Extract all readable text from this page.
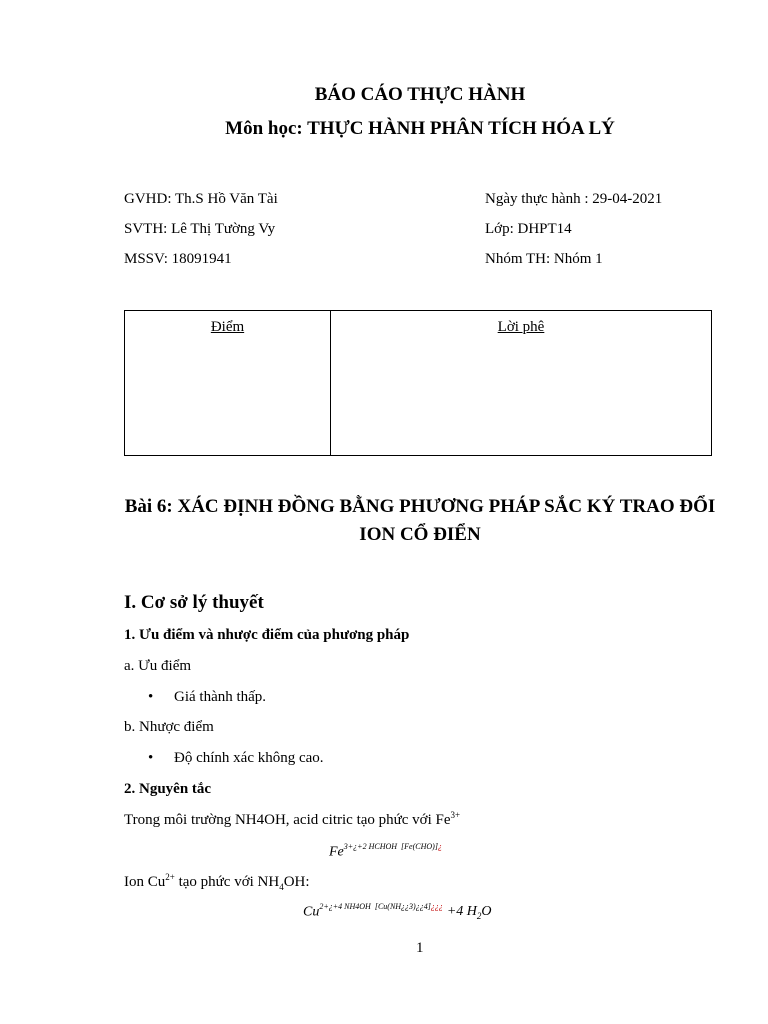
BÁO CÁO THỰC HÀNH
Môn học: THỰC HÀNH PHÂN TÍCH HÓA LÝ
GVHD: Th.S Hồ Văn Tài
SVTH: Lê Thị Tường Vy
MSSV: 18091941
Ngày thực hành : 29-04-2021
Lớp: DHPT14
Nhóm TH: Nhóm 1
Điểm	Lời phê
Bài 6: XÁC ĐỊNH ĐỒNG BẰNG PHƯƠNG PHÁP SẮC KÝ TRAO ĐỔI ION CỔ ĐIỂN
I. Cơ sở lý thuyết
1. Ưu điểm và nhược điểm của phương pháp
a. Ưu điểm
• Giá thành thấp.
b. Nhược điểm
• Độ chính xác không cao.
2. Nguyên tắc
Trong môi trường NH4OH, acid citric tạo phức với $Fe^{3+}$
$Fe^{3+¿+2 HCHOH}$ $^{[Fe(CHO)]¿}$
Ion $Cu^{2+}$ tạo phức với $NH_4OH$:
$Cu^{2+¿+4 NH4OH}$ $^{[Cu(NH¿¿3)¿¿4]¿¿¿}$ +4 $H_2O$
1
